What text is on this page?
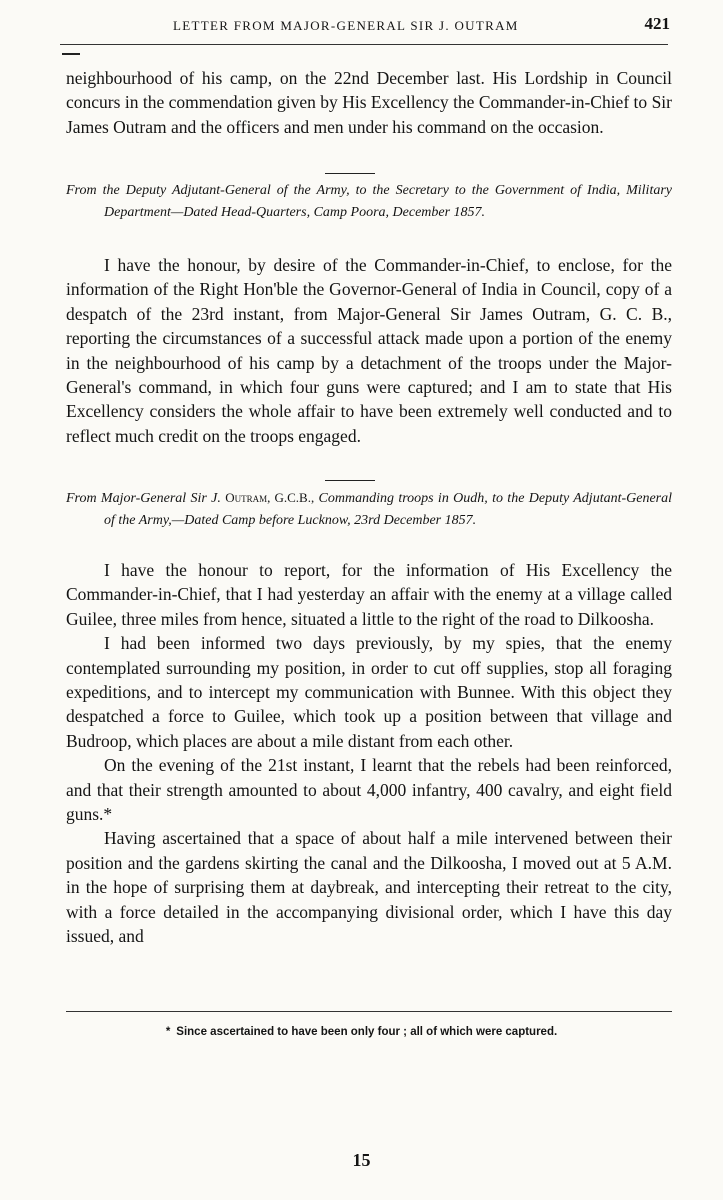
LETTER FROM MAJOR-GENERAL SIR J. OUTRAM	421

neighbourhood of his camp, on the 22nd December last. His Lordship in Council concurs in the commendation given by His Excellency the Commander-in-Chief to Sir James Outram and the officers and men under his command on the occasion.

From the Deputy Adjutant-General of the Army, to the Secretary to the Government of India, Military Department—Dated Head-Quarters, Camp Poora, December 1857.

I have the honour, by desire of the Commander-in-Chief, to enclose, for the information of the Right Hon'ble the Governor-General of India in Council, copy of a despatch of the 23rd instant, from Major-General Sir James Outram, G. C. B., reporting the circumstances of a successful attack made upon a portion of the enemy in the neighbourhood of his camp by a detachment of the troops under the Major-General's command, in which four guns were captured; and I am to state that His Excellency considers the whole affair to have been extremely well conducted and to reflect much credit on the troops engaged.

From Major-General Sir J. Outram, G.C.B., Commanding troops in Oudh, to the Deputy Adjutant-General of the Army,—Dated Camp before Lucknow, 23rd December 1857.

I have the honour to report, for the information of His Excellency the Commander-in-Chief, that I had yesterday an affair with the enemy at a village called Guilee, three miles from hence, situated a little to the right of the road to Dilkoosha.

I had been informed two days previously, by my spies, that the enemy contemplated surrounding my position, in order to cut off supplies, stop all foraging expeditions, and to intercept my communication with Bunnee. With this object they despatched a force to Guilee, which took up a position between that village and Budroop, which places are about a mile distant from each other.

On the evening of the 21st instant, I learnt that the rebels had been reinforced, and that their strength amounted to about 4,000 infantry, 400 cavalry, and eight field guns.*

Having ascertained that a space of about half a mile intervened between their position and the gardens skirting the canal and the Dilkoosha, I moved out at 5 A.M. in the hope of surprising them at daybreak, and intercepting their retreat to the city, with a force detailed in the accompanying divisional order, which I have this day issued, and

* Since ascertained to have been only four ; all of which were captured.
15
